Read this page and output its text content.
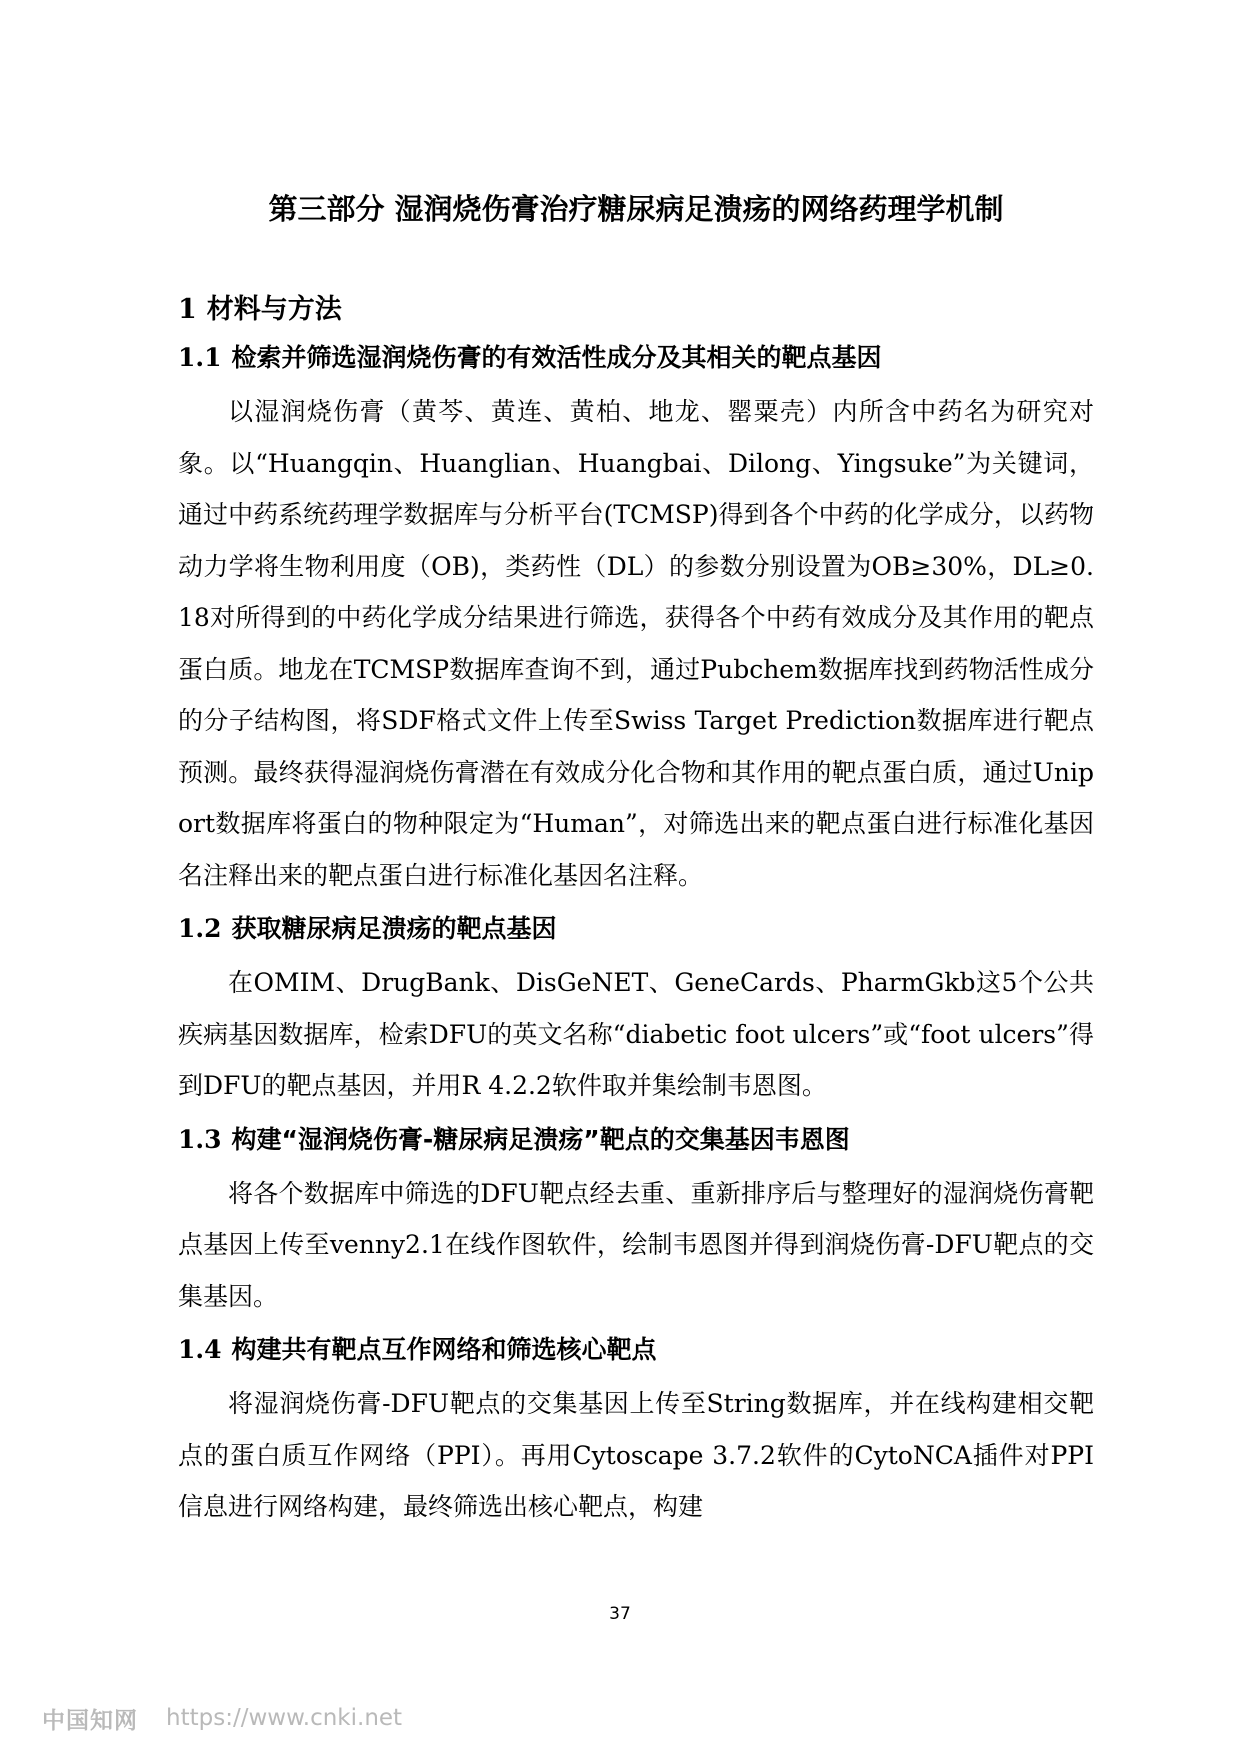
第三部分 湿润烧伤膏治疗糖尿病足溃疡的网络药理学机制
1 材料与方法
1.1 检索并筛选湿润烧伤膏的有效活性成分及其相关的靶点基因

以湿润烧伤膏（黄芩、黄连、黄柏、地龙、罂粟壳）内所含中药名为研究对象。以“Huangqin、Huanglian、Huangbai、Dilong、Yingsuke”为关键词，通过中药系统药理学数据库与分析平台(TCMSP)得到各个中药的化学成分，以药物动力学将生物利用度（OB)，类药性（DL）的参数分别设置为OB≥30%，DL≥0.18对所得到的中药化学成分结果进行筛选，获得各个中药有效成分及其作用的靶点蛋白质。地龙在TCMSP数据库查询不到，通过Pubchem数据库找到药物活性成分的分子结构图，将SDF格式文件上传至Swiss Target Prediction数据库进行靶点预测。最终获得湿润烧伤膏潜在有效成分化合物和其作用的靶点蛋白质，通过Uniport数据库将蛋白的物种限定为“Human”，对筛选出来的靶点蛋白进行标准化基因名注释出来的靶点蛋白进行标准化基因名注释。

1.2 获取糖尿病足溃疡的靶点基因

在OMIM、DrugBank、DisGeNET、GeneCards、PharmGkb这5个公共疾病基因数据库，检索DFU的英文名称“diabetic foot ulcers”或“foot ulcers”得到DFU的靶点基因，并用R 4.2.2软件取并集绘制韦恩图。

1.3 构建“湿润烧伤膏-糖尿病足溃疡”靶点的交集基因韦恩图

将各个数据库中筛选的DFU靶点经去重、重新排序后与整理好的湿润烧伤膏靶点基因上传至venny2.1在线作图软件，绘制韦恩图并得到润烧伤膏-DFU靶点的交集基因。

1.4 构建共有靶点互作网络和筛选核心靶点

将湿润烧伤膏-DFU靶点的交集基因上传至String数据库，并在线构建相交靶点的蛋白质互作网络（PPI）。再用Cytoscape 3.7.2软件的CytoNCA插件对PPI信息进行网络构建，最终筛选出核心靶点，构建

37
中国知网 https://www.cnki.net
